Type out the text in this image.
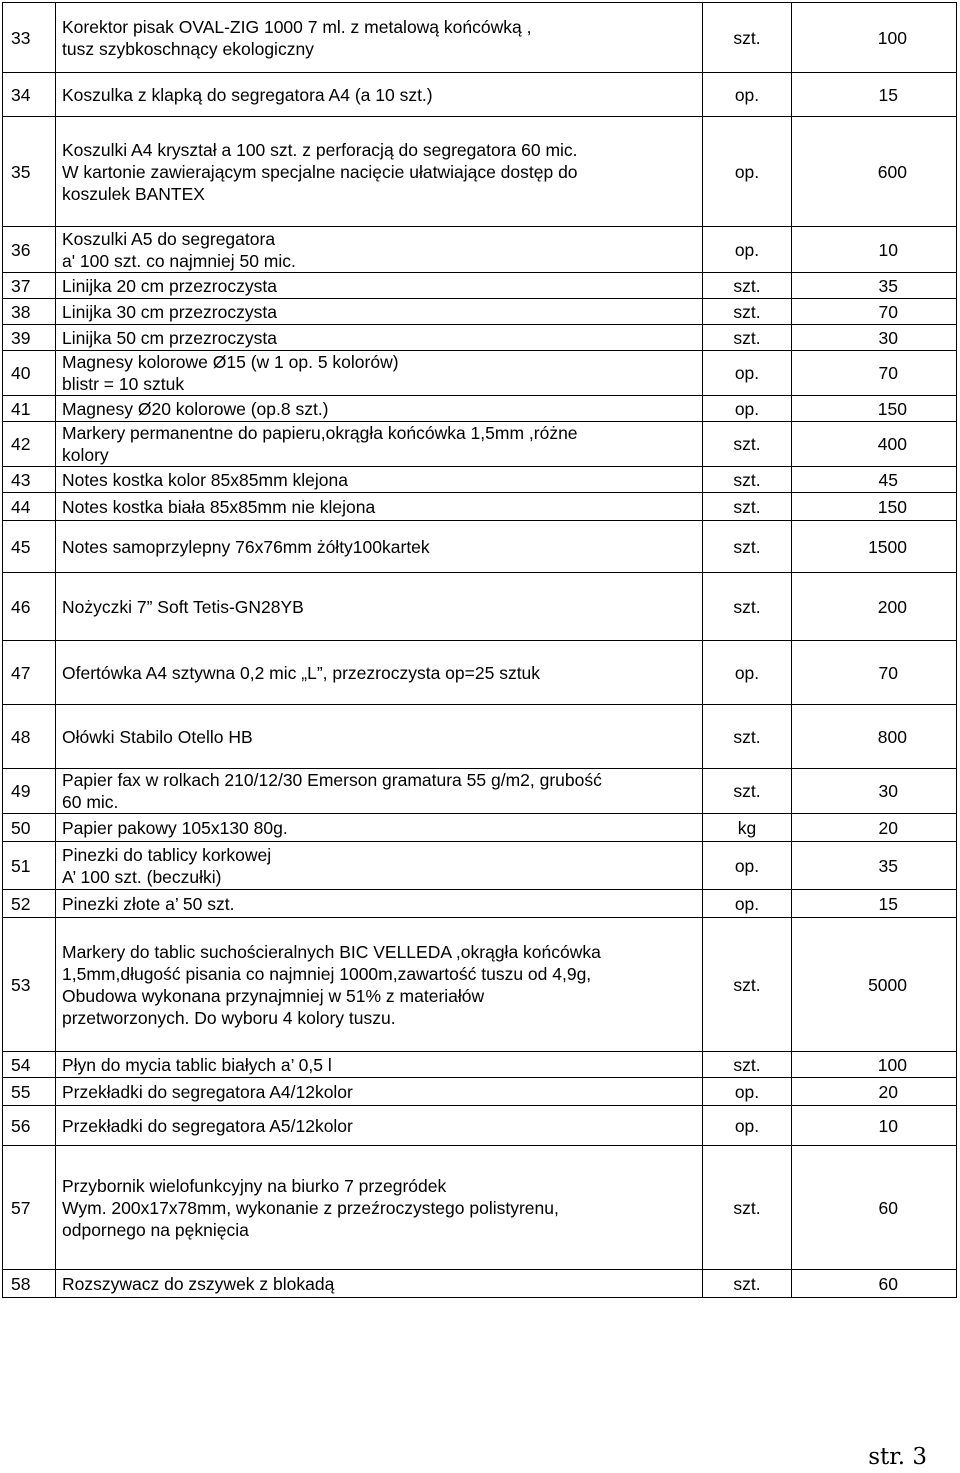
33	Korektor pisak OVAL-ZIG 1000 7 ml. z metalową końcówką ,
tusz szybkoschnący ekologiczny	szt.	100
34	Koszulka z klapką do segregatora A4 (a 10 szt.)	op.	15
35	Koszulki A4 kryształ a 100 szt. z perforacją do segregatora 60 mic.
W kartonie zawierającym specjalne nacięcie ułatwiające dostęp do
koszulek BANTEX	op.	600
36	Koszulki A5 do segregatora
a' 100 szt. co najmniej 50 mic.	op.	10
37	Linijka 20 cm przezroczysta	szt.	35
38	Linijka 30 cm przezroczysta	szt.	70
39	Linijka 50 cm przezroczysta	szt.	30
40	Magnesy kolorowe Ø15 (w 1 op. 5 kolorów)
blistr = 10 sztuk	op.	70
41	Magnesy Ø20 kolorowe (op.8 szt.)	op.	150
42	Markery permanentne do papieru,okrągła końcówka 1,5mm ,różne
kolory	szt.	400
43	Notes kostka kolor 85x85mm klejona	szt.	45
44	Notes kostka biała 85x85mm nie klejona	szt.	150
45	Notes samoprzylepny 76x76mm żółty100kartek	szt.	1500
46	Nożyczki 7” Soft Tetis-GN28YB	szt.	200
47	Ofertówka A4 sztywna 0,2 mic „L”, przezroczysta op=25 sztuk	op.	70
48	Ołówki Stabilo Otello HB	szt.	800
49	Papier fax w rolkach 210/12/30 Emerson gramatura 55 g/m2, grubość
60 mic.	szt.	30
50	Papier pakowy 105x130 80g.	kg	20
51	Pinezki do tablicy korkowej
A’ 100 szt. (beczułki)	op.	35
52	Pinezki złote a’ 50 szt.	op.	15
53	Markery do tablic suchościeralnych BIC VELLEDA ,okrągła końcówka
1,5mm,długość pisania co najmniej 1000m,zawartość tuszu od 4,9g,
Obudowa wykonana przynajmniej w 51% z materiałów
przetworzonych. Do wyboru 4 kolory tuszu.	szt.	5000
54	Płyn do mycia tablic białych a’ 0,5 l	szt.	100
55	Przekładki do segregatora A4/12kolor	op.	20
56	Przekładki do segregatora A5/12kolor	op.	10
57	Przybornik wielofunkcyjny na biurko 7 przegródek
Wym. 200x17x78mm, wykonanie z przeźroczystego polistyrenu,
odpornego na pęknięcia	szt.	60
58	Rozszywacz do zszywek z blokadą	szt.	60
str. 3
